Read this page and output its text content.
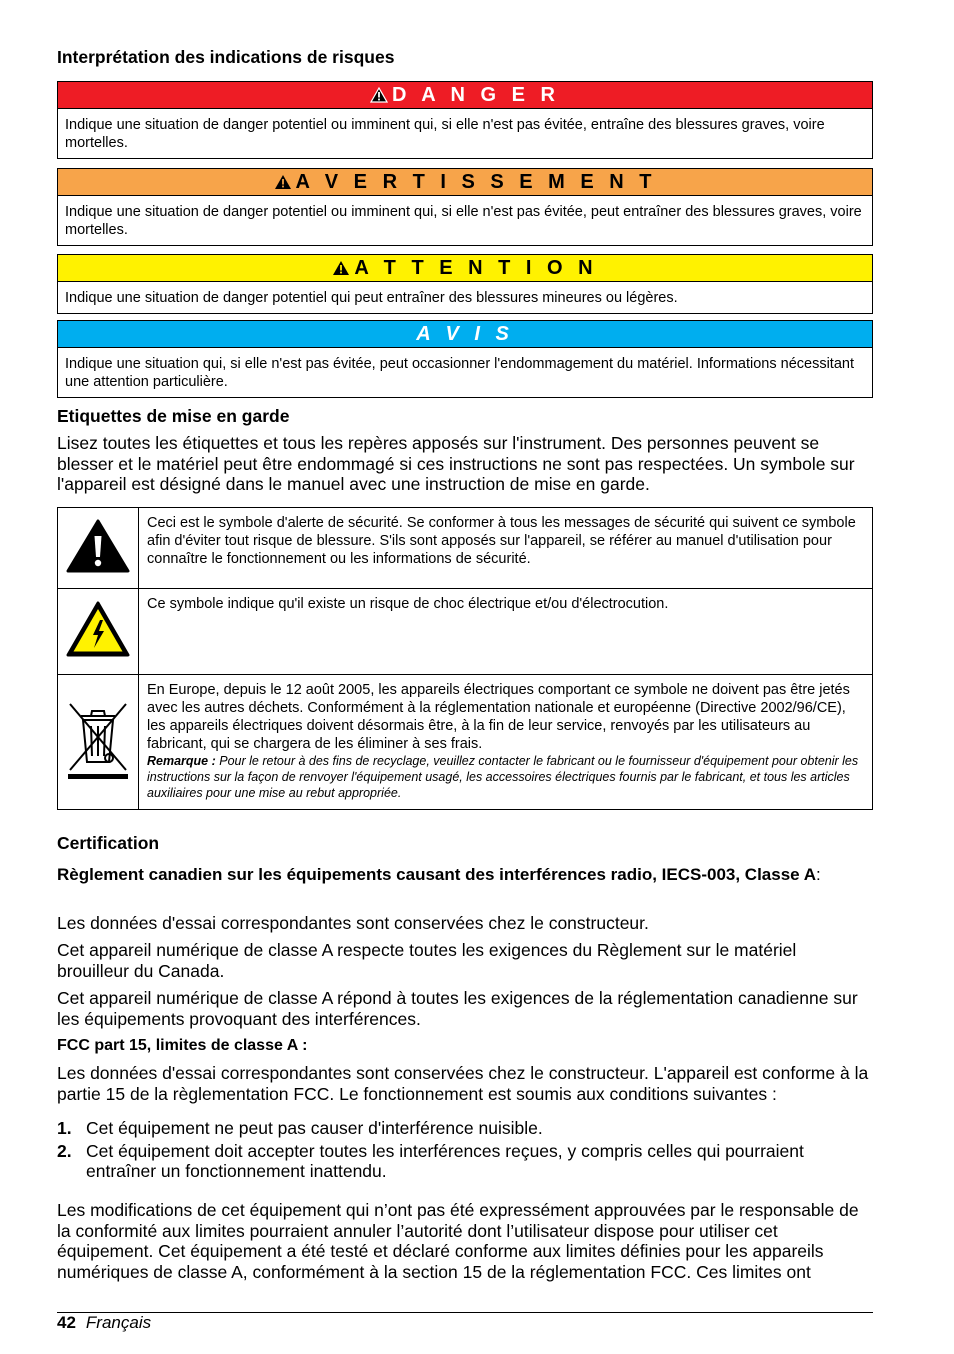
Interprétation des indications de risques
D A N G E R
Indique une situation de danger potentiel ou imminent qui, si elle n'est pas évitée, entraîne des blessures graves, voire mortelles.
A V E R T I S S E M E N T
Indique une situation de danger potentiel ou imminent qui, si elle n'est pas évitée, peut entraîner des blessures graves, voire mortelles.
A T T E N T I O N
Indique une situation de danger potentiel qui peut entraîner des blessures mineures ou légères.
A V I S
Indique une situation qui, si elle n'est pas évitée, peut occasionner l'endommagement du matériel. Informations nécessitant une attention particulière.
Etiquettes de mise en garde

Lisez toutes les étiquettes et tous les repères apposés sur l'instrument. Des personnes peuvent se blesser et le matériel peut être endommagé si ces instructions ne sont pas respectées. Un symbole sur l'appareil est désigné dans le manuel avec une instruction de mise en garde.

	Ceci est le symbole d'alerte de sécurité. Se conformer à tous les messages de sécurité qui suivent ce symbole afin d'éviter tout risque de blessure. S'ils sont apposés sur l'appareil, se référer au manuel d'utilisation pour connaître le fonctionnement ou les informations de sécurité.
	Ce symbole indique qu'il existe un risque de choc électrique et/ou d'électrocution.
	En Europe, depuis le 12 août 2005, les appareils électriques comportant ce symbole ne doivent pas être jetés avec les autres déchets. Conformément à la réglementation nationale et européenne (Directive 2002/96/CE), les appareils électriques doivent désormais être, à la fin de leur service, renvoyés par les utilisateurs au fabricant, qui se chargera de les éliminer à ses frais.
Remarque : Pour le retour à des fins de recyclage, veuillez contacter le fabricant ou le fournisseur d'équipement pour obtenir les instructions sur la façon de renvoyer l'équipement usagé, les accessoires électriques fournis par le fabricant, et tous les articles auxiliaires pour une mise au rebut appropriée.
Certification

Règlement canadien sur les équipements causant des interférences radio, IECS-003, Classe A:

Les données d'essai correspondantes sont conservées chez le constructeur.

Cet appareil numérique de classe A respecte toutes les exigences du Règlement sur le matériel brouilleur du Canada.

Cet appareil numérique de classe A répond à toutes les exigences de la réglementation canadienne sur les équipements provoquant des interférences.

FCC part 15, limites de classe A :

Les données d'essai correspondantes sont conservées chez le constructeur. L'appareil est conforme à la partie 15 de la règlementation FCC. Le fonctionnement est soumis aux conditions suivantes :

1. Cet équipement ne peut pas causer d'interférence nuisible.
2. Cet équipement doit accepter toutes les interférences reçues, y compris celles qui pourraient entraîner un fonctionnement inattendu.

Les modifications de cet équipement qui n’ont pas été expressément approuvées par le responsable de la conformité aux limites pourraient annuler l’autorité dont l’utilisateur dispose pour utiliser cet équipement. Cet équipement a été testé et déclaré conforme aux limites définies pour les appareils numériques de classe A, conformément à la section 15 de la réglementation FCC. Ces limites ont

42 Français
